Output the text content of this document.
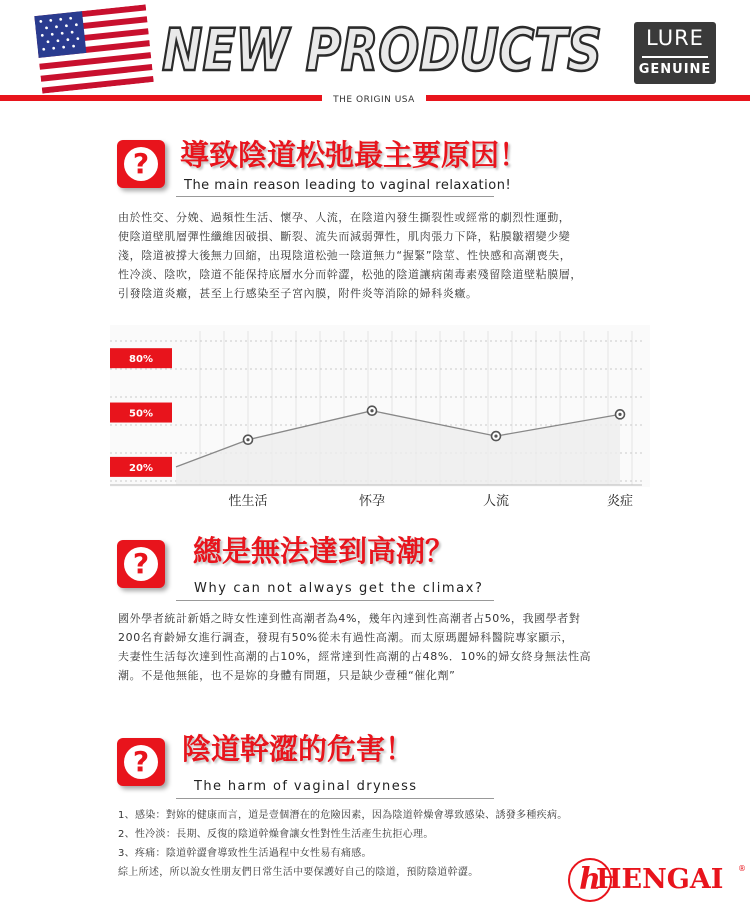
NEW PRODUCTS	LURE
GENUINE
THE ORIGIN USA
?	導致陰道松弛最主要原因！
The main reason leading to vaginal relaxation!
由於性交、分娩、過頻性生活、懷孕、人流，在陰道內發生撕裂性或經常的劇烈性運動，
使陰道壁肌層彈性纖維因破損、斷裂、流失而減弱彈性，肌肉張力下降，粘膜皺褶變少變
淺，陰道被撐大後無力回縮，出現陰道松弛一陰道無力“握緊”陰莖、性快感和高潮喪失，
性冷淡、陰吹，陰道不能保持底層水分而幹澀，松弛的陰道讓病菌毒素殘留陰道壁粘膜層，
引發陰道炎癥，甚至上行感染至子宮內膜，附件炎等消除的婦科炎癥。
80%
50%
20%
性生活	怀孕	人流	炎症
?	總是無法達到高潮？
Why can not always get the climax?
國外學者統計新婚之時女性達到性高潮者為4%，幾年內達到性高潮者占50%，我國學者對
200名育齡婦女進行調查，發現有50%從未有過性高潮。而太原瑪麗婦科醫院專家顯示，
夫妻性生活每次達到性高潮的占10%，經常達到性高潮的占48%．10%的婦女終身無法性高
潮。不是他無能，也不是妳的身體有問題，只是缺少壹種“催化劑”
?	陰道幹澀的危害！
The harm of vaginal dryness
1、感染：對妳的健康而言，道是壹個潛在的危險因素，因為陰道幹燥會導致感染、誘發多種疾病。
2、性冷淡：長期、反復的陰道幹燥會讓女性對性生活產生抗拒心理。
3、疼痛：陰道幹澀會導致性生活過程中女性易有痛感。
綜上所述，所以說女性朋友們日常生活中要保護好自己的陰道，預防陰道幹澀。	h
HENGAI ®
